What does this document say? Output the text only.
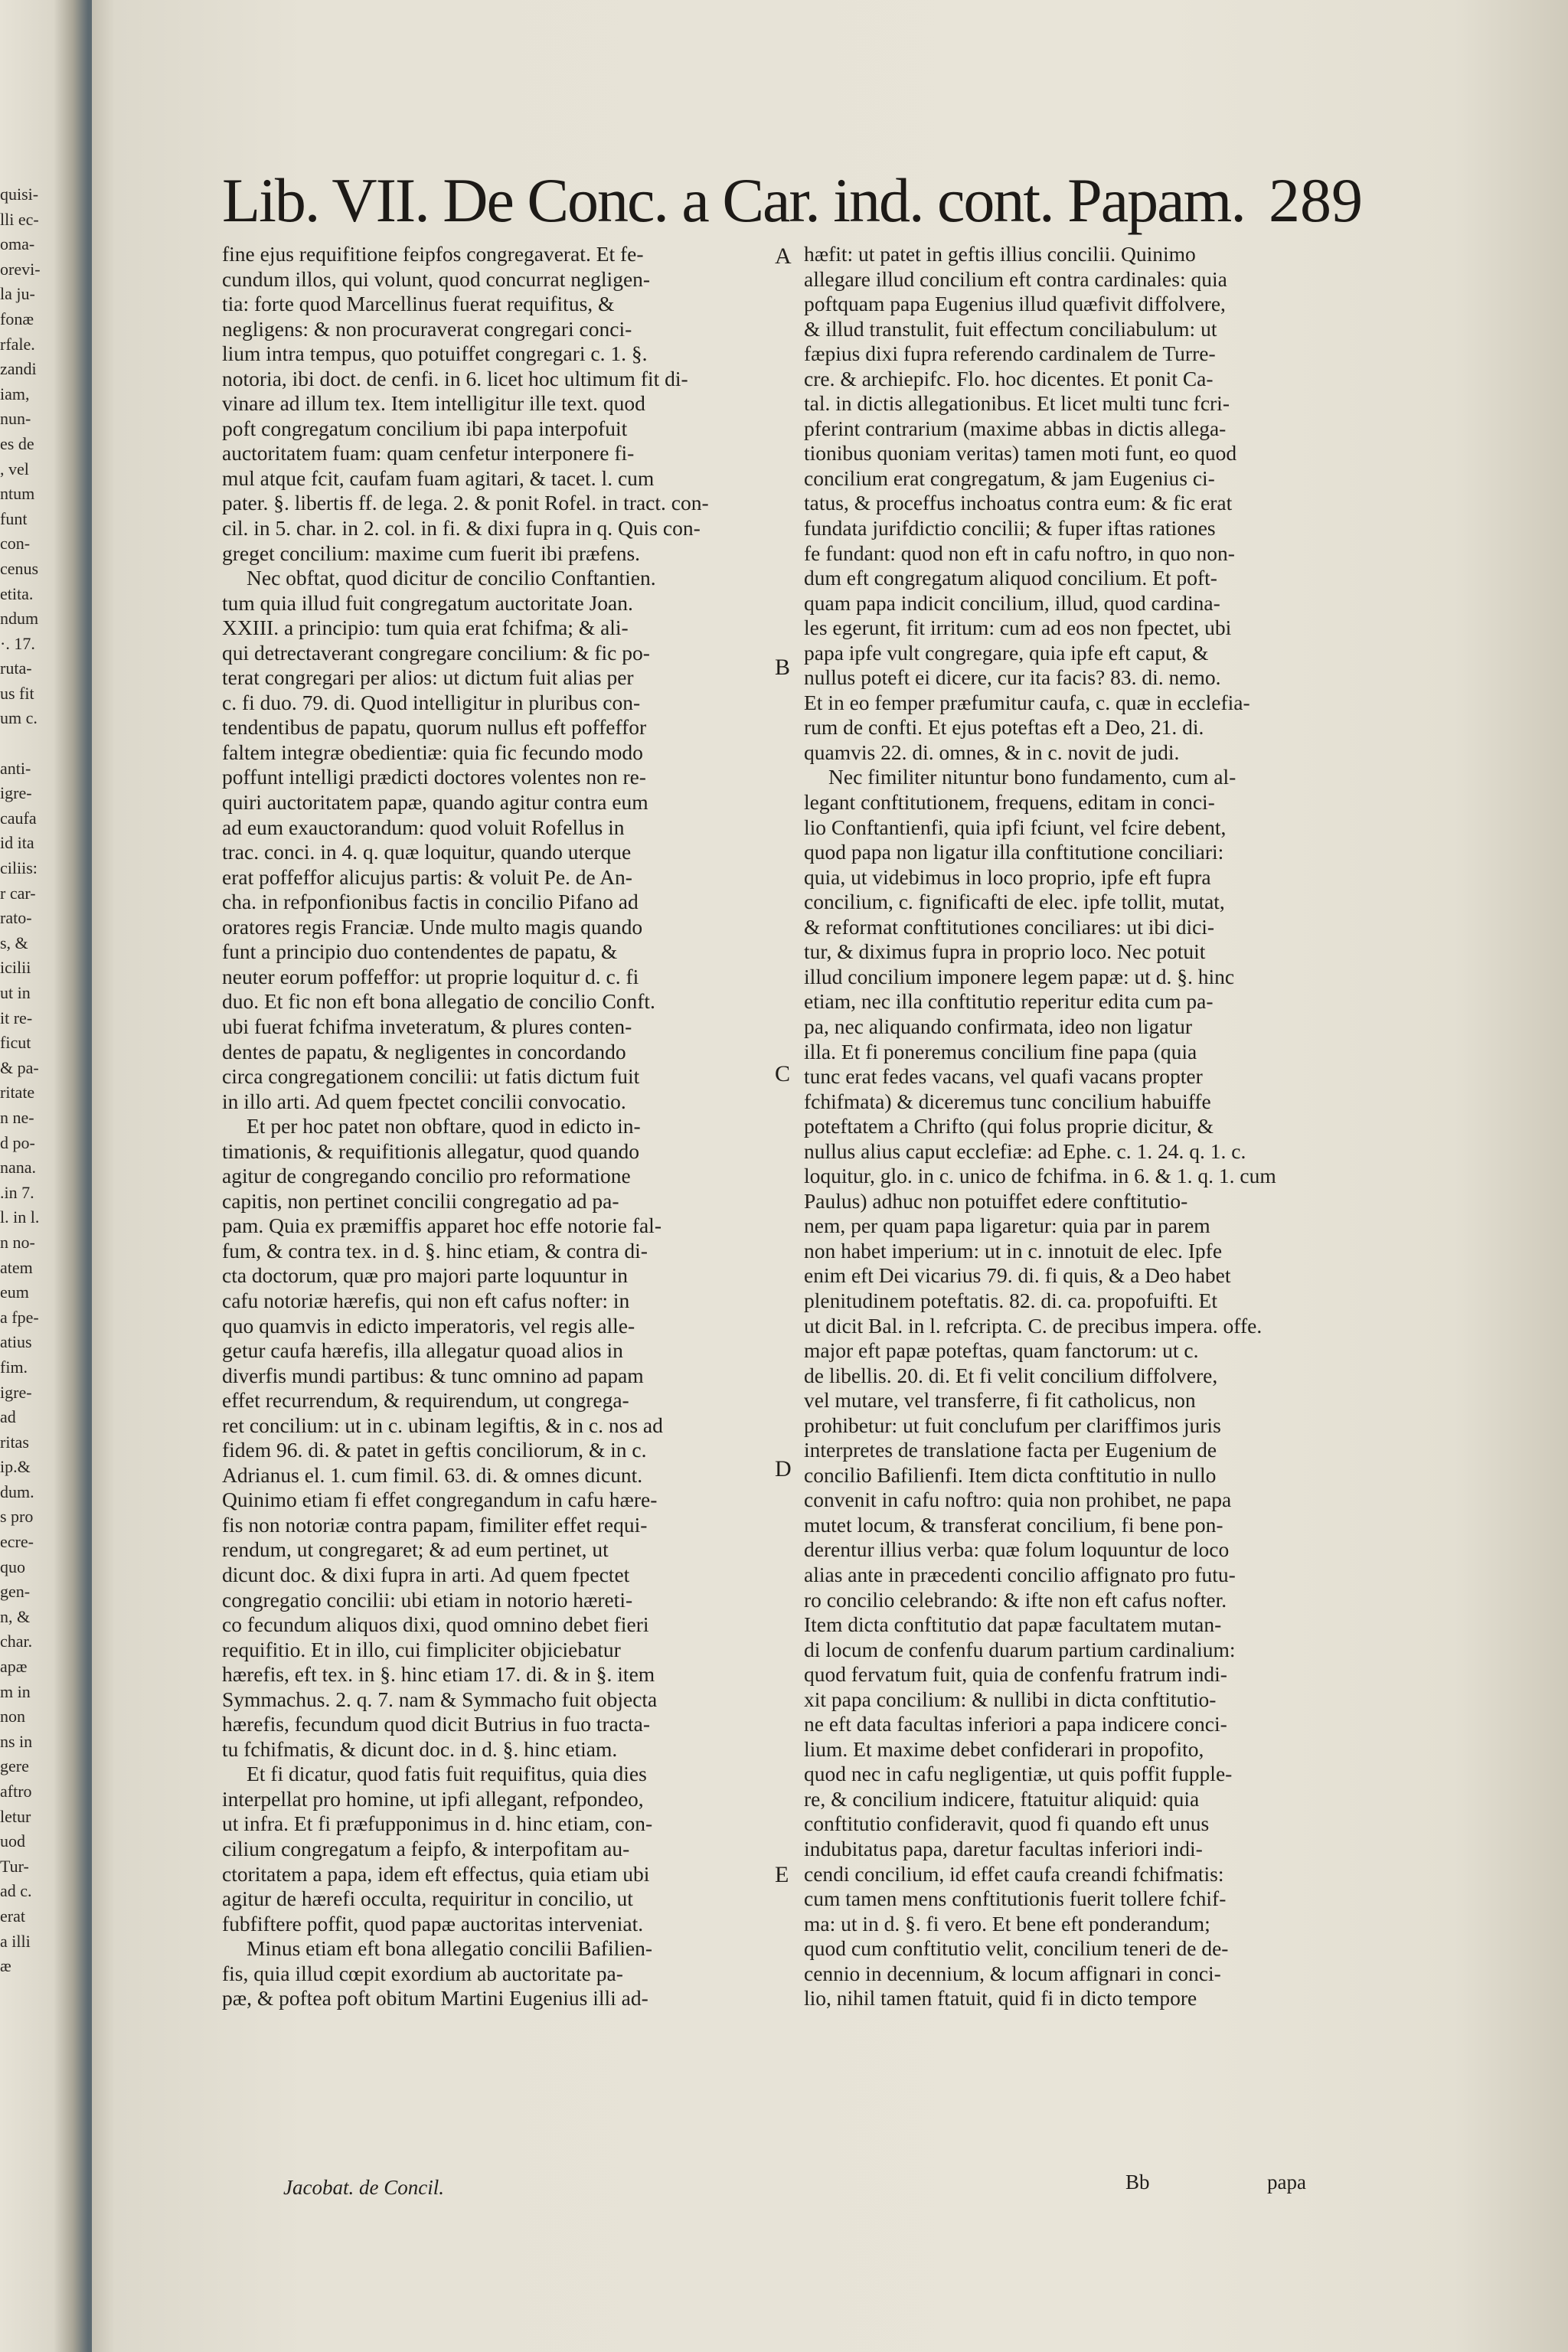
quisi-
lli ec-
oma-
orevi-
la ju-
fonæ
rfale.
zandi
iam,
nun-
es de
, vel
ntum
funt
con-
cenus
etita.
ndum
·. 17.
ruta-
us fit
um c.
anti-
igre-
caufa
id ita
ciliis:
r car-
rato-
s, &
icilii
ut in
it re-
ficut
& pa-
ritate
n ne-
d po-
nana.
.in 7.
l. in l.
n no-
atem
eum
a fpe-
atius
fim.
igre-
ad
ritas
ip.&
dum.
s pro
ecre-
quo
gen-
n, &
char.
apæ
m in
non
ns in
gere
aftro
letur
uod
Tur-
ad c.
erat
a illi
æ
Lib. VII. De Conc. a Car. ind. cont. Papam. 289
fine ejus requifitione feipfos congregaverat. Et fe-
cundum illos, qui volunt, quod concurrat negligen-
tia: forte quod Marcellinus fuerat requifitus, &
negligens: & non procuraverat congregari conci-
lium intra tempus, quo potuiffet congregari c. 1. §.
notoria, ibi doct. de cenfi. in 6. licet hoc ultimum fit di-
vinare ad illum tex. Item intelligitur ille text. quod
poft congregatum concilium ibi papa interpofuit
auctoritatem fuam: quam cenfetur interponere fi-
mul atque fcit, caufam fuam agitari, & tacet. l. cum
pater. §. libertis ff. de lega. 2. & ponit Rofel. in tract. con-
cil. in 5. char. in 2. col. in fi. & dixi fupra in q. Quis con-
greget concilium: maxime cum fuerit ibi præfens.
Nec obftat, quod dicitur de concilio Conftantien.
tum quia illud fuit congregatum auctoritate Joan.
XXIII. a principio: tum quia erat fchifma; & ali-
qui detrectaverant congregare concilium: & fic po-
terat congregari per alios: ut dictum fuit alias per
c. fi duo. 79. di. Quod intelligitur in pluribus con-
tendentibus de papatu, quorum nullus eft poffeffor
faltem integræ obedientiæ: quia fic fecundo modo
poffunt intelligi prædicti doctores volentes non re-
quiri auctoritatem papæ, quando agitur contra eum
ad eum exauctorandum: quod voluit Rofellus in
trac. conci. in 4. q. quæ loquitur, quando uterque
erat poffeffor alicujus partis: & voluit Pe. de An-
cha. in refponfionibus factis in concilio Pifano ad
oratores regis Franciæ. Unde multo magis quando
funt a principio duo contendentes de papatu, &
neuter eorum poffeffor: ut proprie loquitur d. c. fi
duo. Et fic non eft bona allegatio de concilio Conft.
ubi fuerat fchifma inveteratum, & plures conten-
dentes de papatu, & negligentes in concordando
circa congregationem concilii: ut fatis dictum fuit
in illo arti. Ad quem fpectet concilii convocatio.
Et per hoc patet non obftare, quod in edicto in-
timationis, & requifitionis allegatur, quod quando
agitur de congregando concilio pro reformatione
capitis, non pertinet concilii congregatio ad pa-
pam. Quia ex præmiffis apparet hoc effe notorie fal-
fum, & contra tex. in d. §. hinc etiam, & contra di-
cta doctorum, quæ pro majori parte loquuntur in
cafu notoriæ hærefis, qui non eft cafus nofter: in
quo quamvis in edicto imperatoris, vel regis alle-
getur caufa hærefis, illa allegatur quoad alios in
diverfis mundi partibus: & tunc omnino ad papam
effet recurrendum, & requirendum, ut congrega-
ret concilium: ut in c. ubinam legiftis, & in c. nos ad
fidem 96. di. & patet in geftis conciliorum, & in c.
Adrianus el. 1. cum fimil. 63. di. & omnes dicunt.
Quinimo etiam fi effet congregandum in cafu hære-
fis non notoriæ contra papam, fimiliter effet requi-
rendum, ut congregaret; & ad eum pertinet, ut
dicunt doc. & dixi fupra in arti. Ad quem fpectet
congregatio concilii: ubi etiam in notorio hæreti-
co fecundum aliquos dixi, quod omnino debet fieri
requifitio. Et in illo, cui fimpliciter objiciebatur
hærefis, eft tex. in §. hinc etiam 17. di. & in §. item
Symmachus. 2. q. 7. nam & Symmacho fuit objecta
hærefis, fecundum quod dicit Butrius in fuo tracta-
tu fchifmatis, & dicunt doc. in d. §. hinc etiam.
Et fi dicatur, quod fatis fuit requifitus, quia dies
interpellat pro homine, ut ipfi allegant, refpondeo,
ut infra. Et fi præfupponimus in d. hinc etiam, con-
cilium congregatum a feipfo, & interpofitam au-
ctoritatem a papa, idem eft effectus, quia etiam ubi
agitur de hærefi occulta, requiritur in concilio, ut
fubfiftere poffit, quod papæ auctoritas interveniat.
Minus etiam eft bona allegatio concilii Bafilien-
fis, quia illud cœpit exordium ab auctoritate pa-
pæ, & poftea poft obitum Martini Eugenius illi ad-
hæfit: ut patet in geftis illius concilii. Quinimo
allegare illud concilium eft contra cardinales: quia
poftquam papa Eugenius illud quæfivit diffolvere,
& illud transtulit, fuit effectum conciliabulum: ut
fæpius dixi fupra referendo cardinalem de Turre-
cre. & archiepifc. Flo. hoc dicentes. Et ponit Ca-
tal. in dictis allegationibus. Et licet multi tunc fcri-
pferint contrarium (maxime abbas in dictis allega-
tionibus quoniam veritas) tamen moti funt, eo quod
concilium erat congregatum, & jam Eugenius ci-
tatus, & proceffus inchoatus contra eum: & fic erat
fundata jurifdictio concilii; & fuper iftas rationes
fe fundant: quod non eft in cafu noftro, in quo non-
dum eft congregatum aliquod concilium. Et poft-
quam papa indicit concilium, illud, quod cardina-
les egerunt, fit irritum: cum ad eos non fpectet, ubi
papa ipfe vult congregare, quia ipfe eft caput, &
nullus poteft ei dicere, cur ita facis? 83. di. nemo.
Et in eo femper præfumitur caufa, c. quæ in ecclefia-
rum de confti. Et ejus poteftas eft a Deo, 21. di.
quamvis 22. di. omnes, & in c. novit de judi.
Nec fimiliter nituntur bono fundamento, cum al-
legant conftitutionem, frequens, editam in conci-
lio Conftantienfi, quia ipfi fciunt, vel fcire debent,
quod papa non ligatur illa conftitutione conciliari:
quia, ut videbimus in loco proprio, ipfe eft fupra
concilium, c. fignificafti de elec. ipfe tollit, mutat,
& reformat conftitutiones conciliares: ut ibi dici-
tur, & diximus fupra in proprio loco. Nec potuit
illud concilium imponere legem papæ: ut d. §. hinc
etiam, nec illa conftitutio reperitur edita cum pa-
pa, nec aliquando confirmata, ideo non ligatur
illa. Et fi poneremus concilium fine papa (quia
tunc erat fedes vacans, vel quafi vacans propter
fchifmata) & diceremus tunc concilium habuiffe
poteftatem a Chrifto (qui folus proprie dicitur, &
nullus alius caput ecclefiæ: ad Ephe. c. 1. 24. q. 1. c.
loquitur, glo. in c. unico de fchifma. in 6. & 1. q. 1. cum
Paulus) adhuc non potuiffet edere conftitutio-
nem, per quam papa ligaretur: quia par in parem
non habet imperium: ut in c. innotuit de elec. Ipfe
enim eft Dei vicarius 79. di. fi quis, & a Deo habet
plenitudinem poteftatis. 82. di. ca. propofuifti. Et
ut dicit Bal. in l. refcripta. C. de precibus impera. offe.
major eft papæ poteftas, quam fanctorum: ut c.
de libellis. 20. di. Et fi velit concilium diffolvere,
vel mutare, vel transferre, fi fit catholicus, non
prohibetur: ut fuit conclufum per clariffimos juris
interpretes de translatione facta per Eugenium de
concilio Bafilienfi. Item dicta conftitutio in nullo
convenit in cafu noftro: quia non prohibet, ne papa
mutet locum, & transferat concilium, fi bene pon-
derentur illius verba: quæ folum loquuntur de loco
alias ante in præcedenti concilio affignato pro futu-
ro concilio celebrando: & ifte non eft cafus nofter.
Item dicta conftitutio dat papæ facultatem mutan-
di locum de confenfu duarum partium cardinalium:
quod fervatum fuit, quia de confenfu fratrum indi-
xit papa concilium: & nullibi in dicta conftitutio-
ne eft data facultas inferiori a papa indicere conci-
lium. Et maxime debet confiderari in propofito,
quod nec in cafu negligentiæ, ut quis poffit fupple-
re, & concilium indicere, ftatuitur aliquid: quia
conftitutio confideravit, quod fi quando eft unus
indubitatus papa, daretur facultas inferiori indi-
cendi concilium, id effet caufa creandi fchifmatis:
cum tamen mens conftitutionis fuerit tollere fchif-
ma: ut in d. §. fi vero. Et bene eft ponderandum;
quod cum conftitutio velit, concilium teneri de de-
cennio in decennium, & locum affignari in conci-
lio, nihil tamen ftatuit, quid fi in dicto tempore
A
B
C
D
E
Jacobat. de Concil.	Bb	papa
